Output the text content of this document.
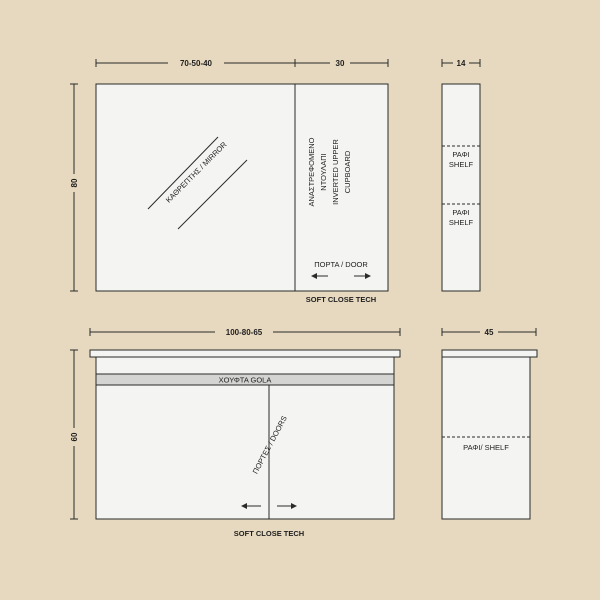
70-50-40	30
80	ΚΑΘΡΕΠΤΗΣ / MIRROR	ΑΝΑΣΤΡΕΦΟΜΕΝΟ ΝΤΟΥΛΑΠΙ INVERTED UPPER CUPBOARD
ΠΟΡΤΑ / DOOR
SOFT CLOSE TECH
14
ΡΑΦΙ
SHELF
ΡΑΦΙ
SHELF
100-80-65
60
ΧΟΥΦΤΑ GOLA
ΠΟΡΤΕΣ / DOORS
SOFT CLOSE TECH
45
ΡΑΦΙ/ SHELF
